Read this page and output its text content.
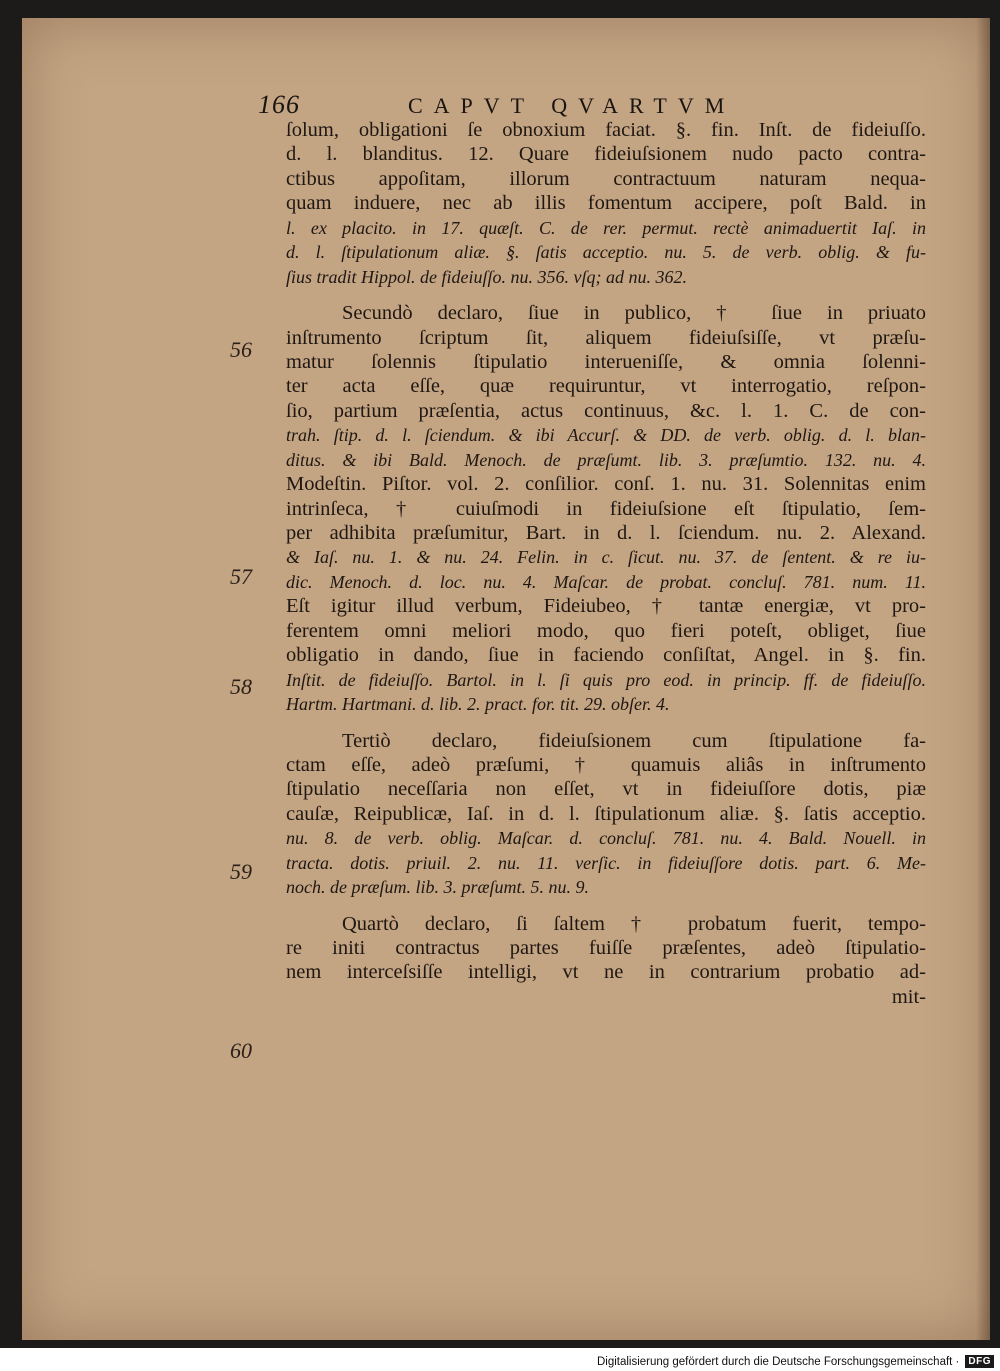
166	CAPVT QVARTVM
56
57
58
59
60
ſolum, obligationi ſe obnoxium faciat. §. fin. Inſt. de fideiuſſo.
d. l. blanditus. 12. Quare fideiuſsionem nudo pacto contra-
ctibus appoſitam, illorum contractuum naturam nequa-
quam induere, nec ab illis fomentum accipere, poſt Bald. in
l. ex placito. in 17. quæſt. C. de rer. permut. rectè animaduertit Iaſ. in
d. l. ſtipulationum aliæ. §. ſatis acceptio. nu. 5. de verb. oblig. & fu-
ſius tradit Hippol. de fideiuſſo. nu. 356. vſq; ad nu. 362.
Secundò declaro, ſiue in publico, † ſiue in priuato
inſtrumento ſcriptum ſit, aliquem fideiuſsiſſe, vt præſu-
matur ſolennis ſtipulatio interueniſſe, & omnia ſolenni-
ter acta eſſe, quæ requiruntur, vt interrogatio, reſpon-
ſio, partium præſentia, actus continuus, &c. l. 1. C. de con-
trah. ſtip. d. l. ſciendum. & ibi Accurſ. & DD. de verb. oblig. d. l. blan-
ditus. & ibi Bald. Menoch. de præſumt. lib. 3. præſumtio. 132. nu. 4.
Modeſtin. Piſtor. vol. 2. conſilior. conſ. 1. nu. 31. Solennitas enim
intrinſeca, † cuiuſmodi in fideiuſsione eſt ſtipulatio, ſem-
per adhibita præſumitur, Bart. in d. l. ſciendum. nu. 2. Alexand.
& Iaſ. nu. 1. & nu. 24. Felin. in c. ſicut. nu. 37. de ſentent. & re iu-
dic. Menoch. d. loc. nu. 4. Maſcar. de probat. concluſ. 781. num. 11.
Eſt igitur illud verbum, Fideiubeo, † tantæ energiæ, vt pro-
ferentem omni meliori modo, quo fieri poteſt, obliget, ſiue
obligatio in dando, ſiue in faciendo conſiſtat, Angel. in §. fin.
Inſtit. de fideiuſſo. Bartol. in l. ſi quis pro eod. in princip. ff. de fideiuſſo.
Hartm. Hartmani. d. lib. 2. pract. for. tit. 29. obſer. 4.
Tertiò declaro, fideiuſsionem cum ſtipulatione fa-
ctam eſſe, adeò præſumi, † quamuis aliâs in inſtrumento
ſtipulatio neceſſaria non eſſet, vt in fideiuſſore dotis, piæ
cauſæ, Reipublicæ, Iaſ. in d. l. ſtipulationum aliæ. §. ſatis acceptio.
nu. 8. de verb. oblig. Maſcar. d. concluſ. 781. nu. 4. Bald. Nouell. in
tracta. dotis. priuil. 2. nu. 11. verſic. in fideiuſſore dotis. part. 6. Me-
noch. de præſum. lib. 3. præſumt. 5. nu. 9.
Quartò declaro, ſi ſaltem † probatum fuerit, tempo-
re initi contractus partes fuiſſe præſentes, adeò ſtipulatio-
nem interceſsiſſe intelligi, vt ne in contrarium probatio ad-
mit-
Digitalisierung gefördert durch die Deutsche Forschungsgemeinschaft · DFG
